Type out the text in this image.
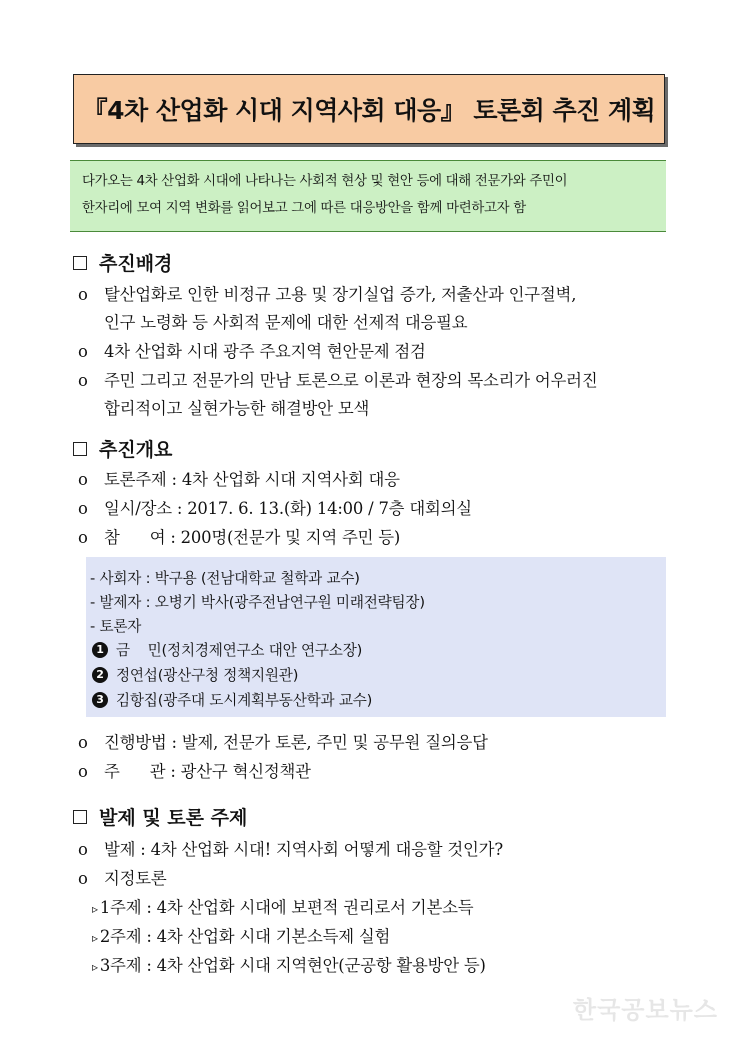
『4차 산업화 시대 지역사회 대응』 토론회 추진 계획
다가오는 4차 산업화 시대에 나타나는 사회적 현상 및 현안 등에 대해 전문가와 주민이
한자리에 모여 지역 변화를 읽어보고 그에 따른 대응방안을 함께 마련하고자 함
추진배경
o 탈산업화로 인한 비정규 고용 및 장기실업 증가, 저출산과 인구절벽,
인구 노령화 등 사회적 문제에 대한 선제적 대응필요
o 4차 산업화 시대 광주 주요지역 현안문제 점검
o 주민 그리고 전문가의 만남 토론으로 이론과 현장의 목소리가 어우러진
합리적이고 실현가능한 해결방안 모색
추진개요
o 토론주제 : 4차 산업화 시대 지역사회 대응
o 일시/장소 : 2017. 6. 13.(화) 14:00 / 7층 대회의실
o 참      여 : 200명(전문가 및 지역 주민 등)
- 사회자 : 박구용 (전남대학교 철학과 교수)
- 발제자 : 오병기 박사(광주전남연구원 미래전략팀장)
- 토론자
1 금    민(정치경제연구소 대안 연구소장)
2 정연섭(광산구청 정책지원관)
3 김항집(광주대 도시계획부동산학과 교수)
o 진행방법 : 발제, 전문가 토론, 주민 및 공무원 질의응답
o 주      관 : 광산구 혁신정책관
발제 및 토론 주제
o 발제 : 4차 산업화 시대! 지역사회 어떻게 대응할 것인가?
o 지정토론
▹ 1주제 : 4차 산업화 시대에 보편적 권리로서 기본소득
▹ 2주제 : 4차 산업화 시대 기본소득제 실험
▹ 3주제 : 4차 산업화 시대 지역현안(군공항 활용방안 등)
한국공보뉴스
